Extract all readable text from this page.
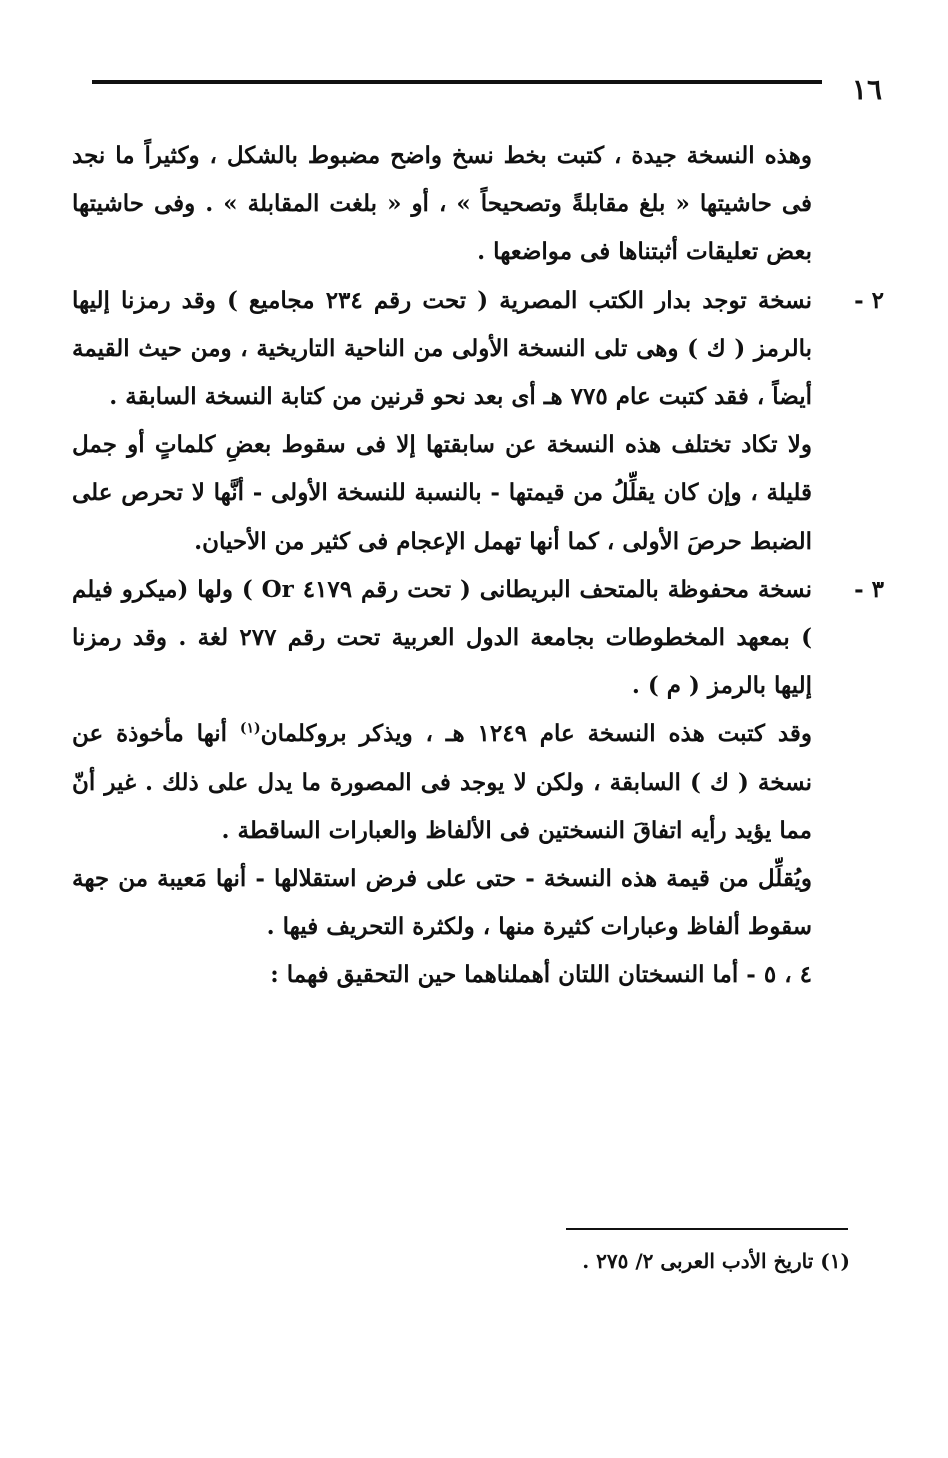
١٦

وهذه النسخة جيدة ، كتبت بخط نسخ واضح مضبوط بالشكل ، وكثيراً ما نجد فى حاشيتها « بلغ مقابلةً وتصحيحاً » ، أو « بلغت المقابلة » . وفى حاشيتها بعض تعليقات أثبتناها فى مواضعها .

٢ -
نسخة توجد بدار الكتب المصرية ( تحت رقم ٢٣٤ مجاميع ) وقد رمزنا إليها بالرمز ( ك ) وهى تلى النسخة الأولى من الناحية التاريخية ، ومن حيث القيمة أيضاً ، فقد كتبت عام ٧٧٥ هـ أى بعد نحو قرنين من كتابة النسخة السابقة .

ولا تكاد تختلف هذه النسخة عن سابقتها إلا فى سقوط بعضِ كلماتٍ أو جمل قليلة ، وإن كان يقلِّلُ من قيمتها - بالنسبة للنسخة الأولى - أنَّها لا تحرص على الضبط حرصَ الأولى ، كما أنها تهمل الإعجام فى كثير من الأحيان.

٣ -
نسخة محفوظة بالمتحف البريطانى ( تحت رقم ٤١٧٩ Or ) ولها (ميكرو فيلم ) بمعهد المخطوطات بجامعة الدول العربية تحت رقم ٢٧٧ لغة . وقد رمزنا إليها بالرمز ( م ) .

وقد كتبت هذه النسخة عام ١٢٤٩ هـ ، ويذكر بروكلمان$^{(١)}$ أنها مأخوذة عن نسخة ( ك ) السابقة ، ولكن لا يوجد فى المصورة ما يدل على ذلك . غير أنّ مما يؤيد رأيه اتفاقَ النسختين فى الألفاظ والعبارات الساقطة .

ويُقلِّل من قيمة هذه النسخة - حتى على فرض استقلالها - أنها مَعيبة من جهة سقوط ألفاظ وعبارات كثيرة منها ، ولكثرة التحريف فيها .

٤ ، ٥ -أما النسختان اللتان أهملناهما حين التحقيق فهما :
(١) تاريخ الأدب العربى ٢/ ٢٧٥ .
